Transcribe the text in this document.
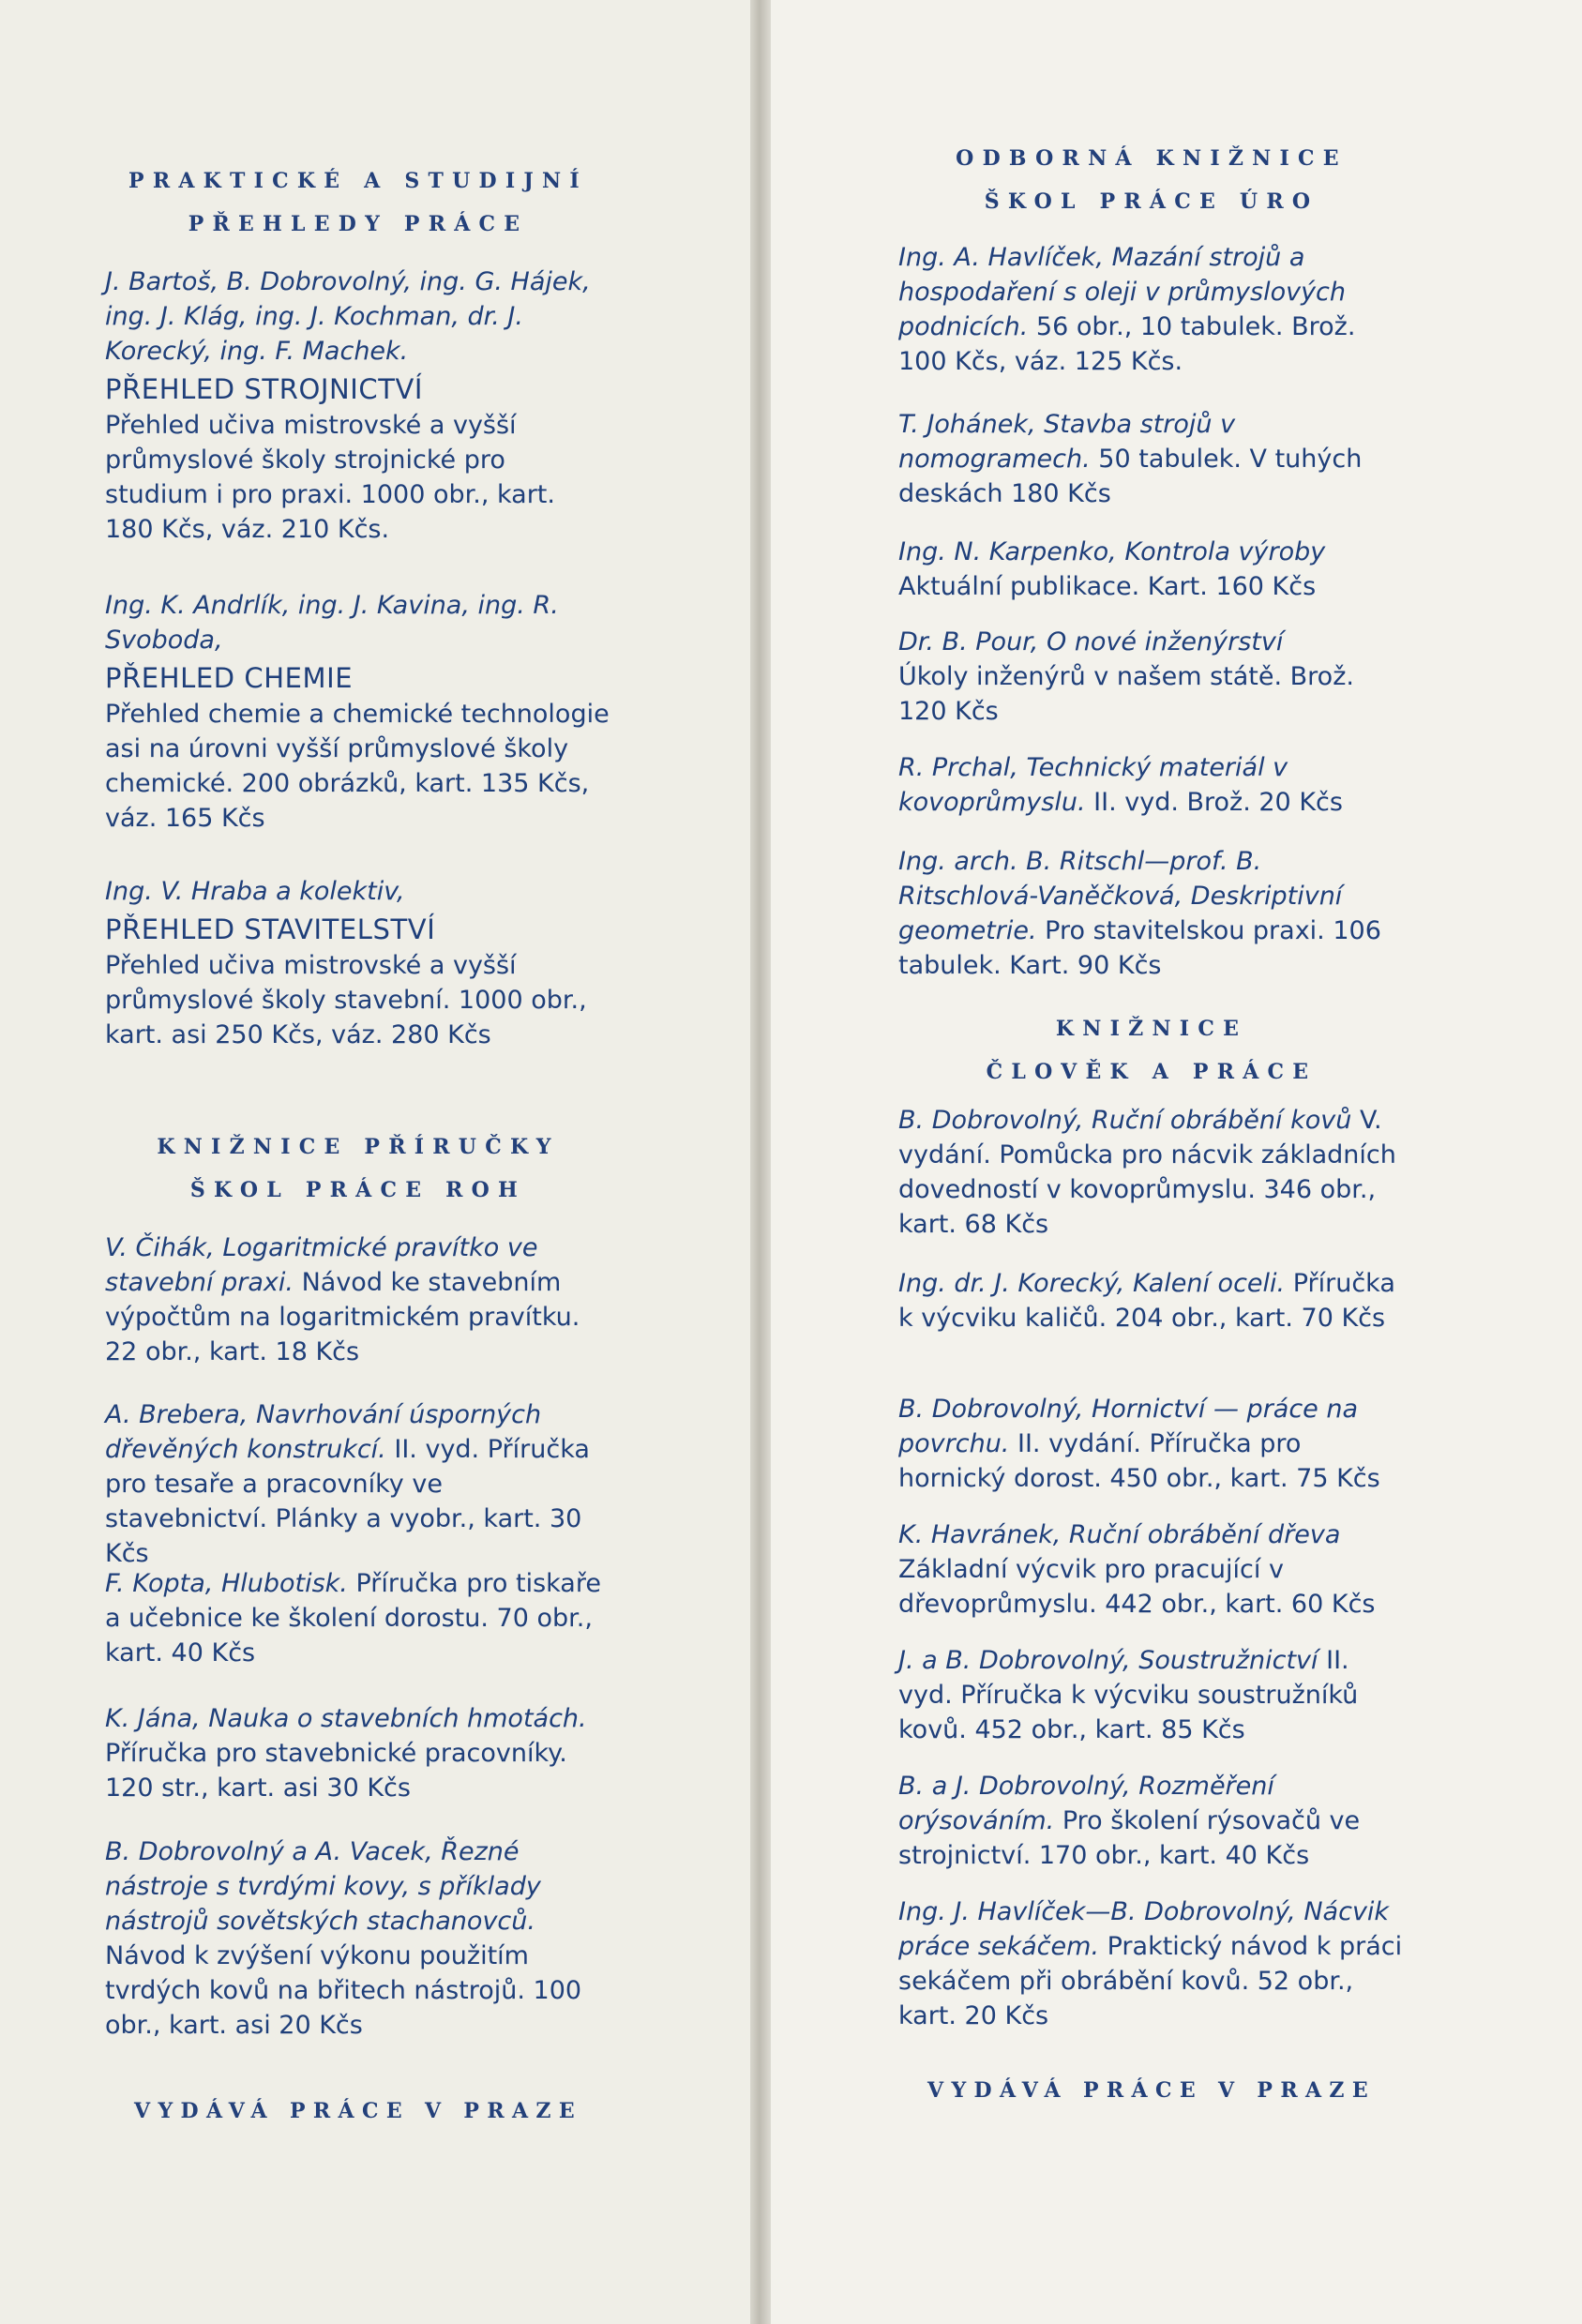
PRAKTICKÉ A STUDIJNÍ

PŘEHLEDY PRÁCE

J. Bartoš, B. Dobrovolný, ing. G. Hájek, ing. J. Klág, ing. J. Kochman, dr. J. Korecký, ing. F. Machek.

PŘEHLED STROJNICTVÍ

Přehled učiva mistrovské a vyšší průmyslové školy strojnické pro studium i pro praxi. 1000 obr., kart. 180 Kčs, váz. 210 Kčs.

Ing. K. Andrlík, ing. J. Kavina, ing. R. Svoboda,

PŘEHLED CHEMIE

Přehled chemie a chemické technologie asi na úrovni vyšší průmyslové školy chemické. 200 obrázků, kart. 135 Kčs, váz. 165 Kčs

Ing. V. Hraba a kolektiv,

PŘEHLED STAVITELSTVÍ

Přehled učiva mistrovské a vyšší průmyslové školy stavební. 1000 obr., kart. asi 250 Kčs, váz. 280 Kčs

KNIŽNICE PŘÍRUČKY

ŠKOL PRÁCE ROH

V. Čihák, Logaritmické pravítko ve stavební praxi. Návod ke stavebním výpočtům na logaritmickém pravítku. 22 obr., kart. 18 Kčs

A. Brebera, Navrhování úsporných dřevěných konstrukcí. II. vyd. Příručka pro tesaře a pracovníky ve stavebnictví. Plánky a vyobr., kart. 30 Kčs

F. Kopta, Hlubotisk. Příručka pro tiskaře a učebnice ke školení dorostu. 70 obr., kart. 40 Kčs

K. Jána, Nauka o stavebních hmotách. Příručka pro stavebnické pracovníky. 120 str., kart. asi 30 Kčs

B. Dobrovolný a A. Vacek, Řezné nástroje s tvrdými kovy, s příklady nástrojů sovětských stachanovců. Návod k zvýšení výkonu použitím tvrdých kovů na břitech nástrojů. 100 obr., kart. asi 20 Kčs

VYDÁVÁ PRÁCE V PRAZE

ODBORNÁ KNIŽNICE

ŠKOL PRÁCE ÚRO

Ing. A. Havlíček, Mazání strojů a hospodaření s oleji v průmyslových podnicích. 56 obr., 10 tabulek. Brož. 100 Kčs, váz. 125 Kčs.

T. Johánek, Stavba strojů v nomogramech. 50 tabulek. V tuhých deskách 180 Kčs

Ing. N. Karpenko, Kontrola výroby
Aktuální publikace. Kart. 160 Kčs

Dr. B. Pour, O nové inženýrství
Úkoly inženýrů v našem státě. Brož. 120 Kčs

R. Prchal, Technický materiál v kovoprůmyslu. II. vyd. Brož. 20 Kčs

Ing. arch. B. Ritschl—prof. B. Ritschlová-Vaněčková, Deskriptivní geometrie. Pro stavitelskou praxi. 106 tabulek. Kart. 90 Kčs

KNIŽNICE

ČLOVĚK A PRÁCE

B. Dobrovolný, Ruční obrábění kovů V. vydání. Pomůcka pro nácvik základních dovedností v kovoprůmyslu. 346 obr., kart. 68 Kčs

Ing. dr. J. Korecký, Kalení oceli. Příručka k výcviku kaličů. 204 obr., kart. 70 Kčs

B. Dobrovolný, Hornictví — práce na povrchu. II. vydání. Příručka pro hornický dorost. 450 obr., kart. 75 Kčs

K. Havránek, Ruční obrábění dřeva Základní výcvik pro pracující v dřevoprůmyslu. 442 obr., kart. 60 Kčs

J. a B. Dobrovolný, Soustružnictví II. vyd. Příručka k výcviku soustružníků kovů. 452 obr., kart. 85 Kčs

B. a J. Dobrovolný, Rozměření orýsováním. Pro školení rýsovačů ve strojnictví. 170 obr., kart. 40 Kčs

Ing. J. Havlíček—B. Dobrovolný, Nácvik práce sekáčem. Praktický návod k práci sekáčem při obrábění kovů. 52 obr., kart. 20 Kčs

VYDÁVÁ PRÁCE V PRAZE
